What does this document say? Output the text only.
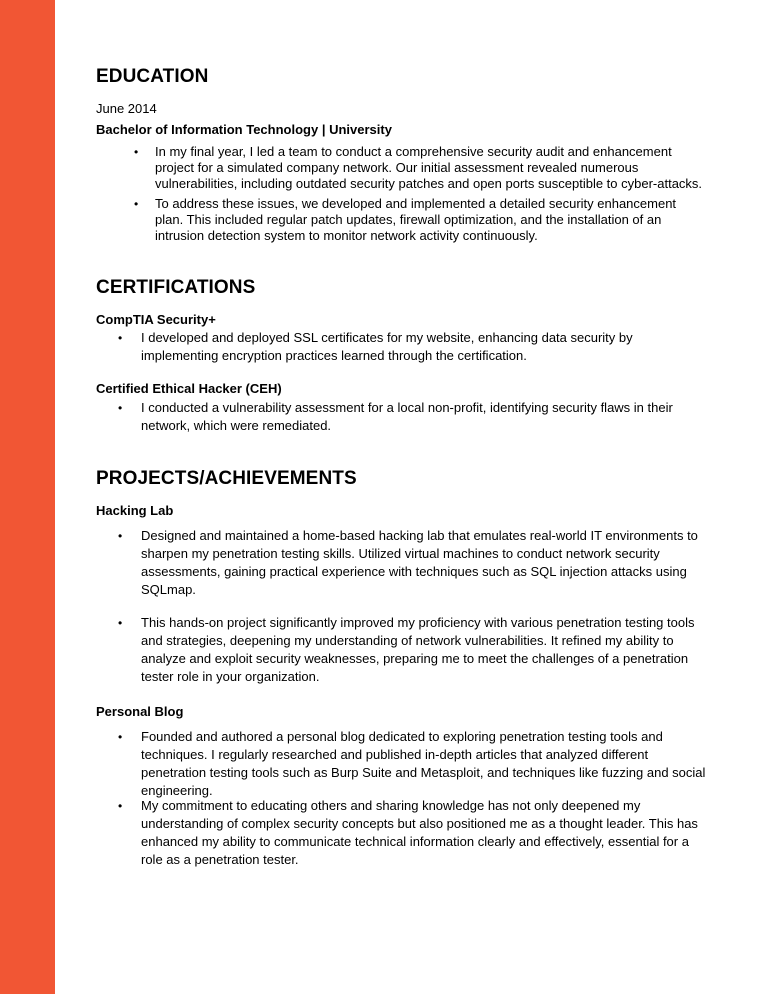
EDUCATION
June 2014
Bachelor of Information Technology | University
• In my final year, I led a team to conduct a comprehensive security audit and enhancement project for a simulated company network. Our initial assessment revealed numerous vulnerabilities, including outdated security patches and open ports susceptible to cyber-attacks.
• To address these issues, we developed and implemented a detailed security enhancement plan. This included regular patch updates, firewall optimization, and the installation of an intrusion detection system to monitor network activity continuously.
CERTIFICATIONS
CompTIA Security+
• I developed and deployed SSL certificates for my website, enhancing data security by implementing encryption practices learned through the certification.
Certified Ethical Hacker (CEH)
• I conducted a vulnerability assessment for a local non-profit, identifying security flaws in their network, which were remediated.
PROJECTS/ACHIEVEMENTS
Hacking Lab
• Designed and maintained a home-based hacking lab that emulates real-world IT environments to sharpen my penetration testing skills. Utilized virtual machines to conduct network security assessments, gaining practical experience with techniques such as SQL injection attacks using SQLmap.
• This hands-on project significantly improved my proficiency with various penetration testing tools and strategies, deepening my understanding of network vulnerabilities. It refined my ability to analyze and exploit security weaknesses, preparing me to meet the challenges of a penetration tester role in your organization.
Personal Blog
• Founded and authored a personal blog dedicated to exploring penetration testing tools and techniques. I regularly researched and published in-depth articles that analyzed different penetration testing tools such as Burp Suite and Metasploit, and techniques like fuzzing and social engineering.
• My commitment to educating others and sharing knowledge has not only deepened my understanding of complex security concepts but also positioned me as a thought leader. This has enhanced my ability to communicate technical information clearly and effectively, essential for a role as a penetration tester.
